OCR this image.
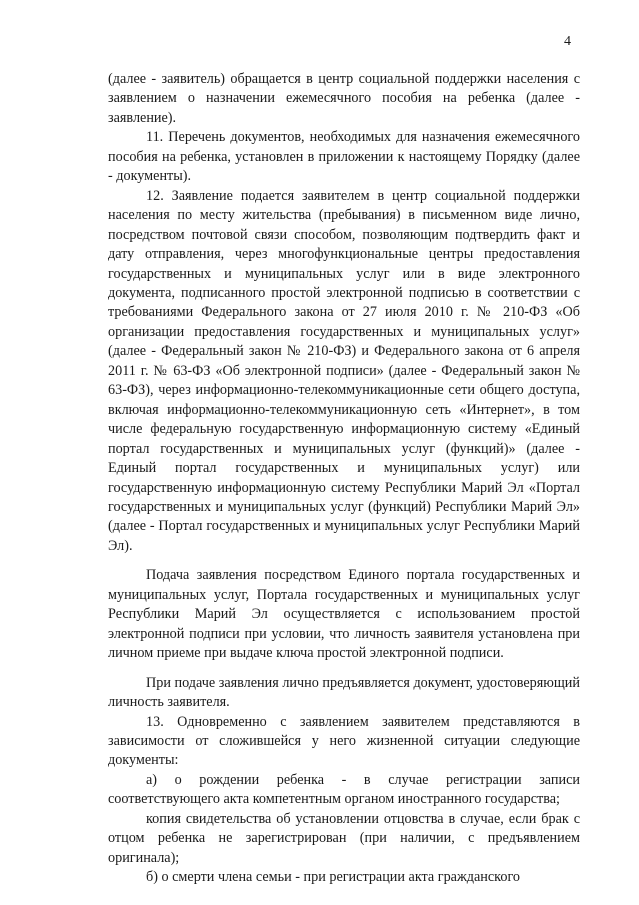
4

(далее - заявитель) обращается в центр социальной поддержки населения с заявлением о назначении ежемесячного пособия на ребенка (далее - заявление).

11. Перечень документов, необходимых для назначения ежемесячного пособия на ребенка, установлен в приложении к настоящему Порядку (далее - документы).

12. Заявление подается заявителем в центр социальной поддержки населения по месту жительства (пребывания) в письменном виде лично, посредством почтовой связи способом, позволяющим подтвердить факт и дату отправления, через многофункциональные центры предоставления государственных и муниципальных услуг или в виде электронного документа, подписанного простой электронной подписью в соответствии с требованиями Федерального закона от 27 июля 2010 г. № 210-ФЗ «Об организации предоставления государственных и муниципальных услуг» (далее - Федеральный закон № 210-ФЗ) и Федерального закона от 6 апреля 2011 г. № 63-ФЗ «Об электронной подписи» (далее - Федеральный закон № 63-ФЗ), через информационно-телекоммуникационные сети общего доступа, включая информационно-телекоммуникационную сеть «Интернет», в том числе федеральную государственную информационную систему «Единый портал государственных и муниципальных услуг (функций)» (далее - Единый портал государственных и муниципальных услуг) или государственную информационную систему Республики Марий Эл «Портал государственных и муниципальных услуг (функций) Республики Марий Эл» (далее - Портал государственных и муниципальных услуг Республики Марий Эл).

Подача заявления посредством Единого портала государственных и муниципальных услуг, Портала государственных и муниципальных услуг Республики Марий Эл осуществляется с использованием простой электронной подписи при условии, что личность заявителя установлена при личном приеме при выдаче ключа простой электронной подписи.

При подаче заявления лично предъявляется документ, удостоверяющий личность заявителя.

13. Одновременно с заявлением заявителем представляются в зависимости от сложившейся у него жизненной ситуации следующие документы:

а) о рождении ребенка - в случае регистрации записи соответствующего акта компетентным органом иностранного государства;

копия свидетельства об установлении отцовства в случае, если брак с отцом ребенка не зарегистрирован (при наличии, с предъявлением оригинала);

б) о смерти члена семьи - при регистрации акта гражданского
